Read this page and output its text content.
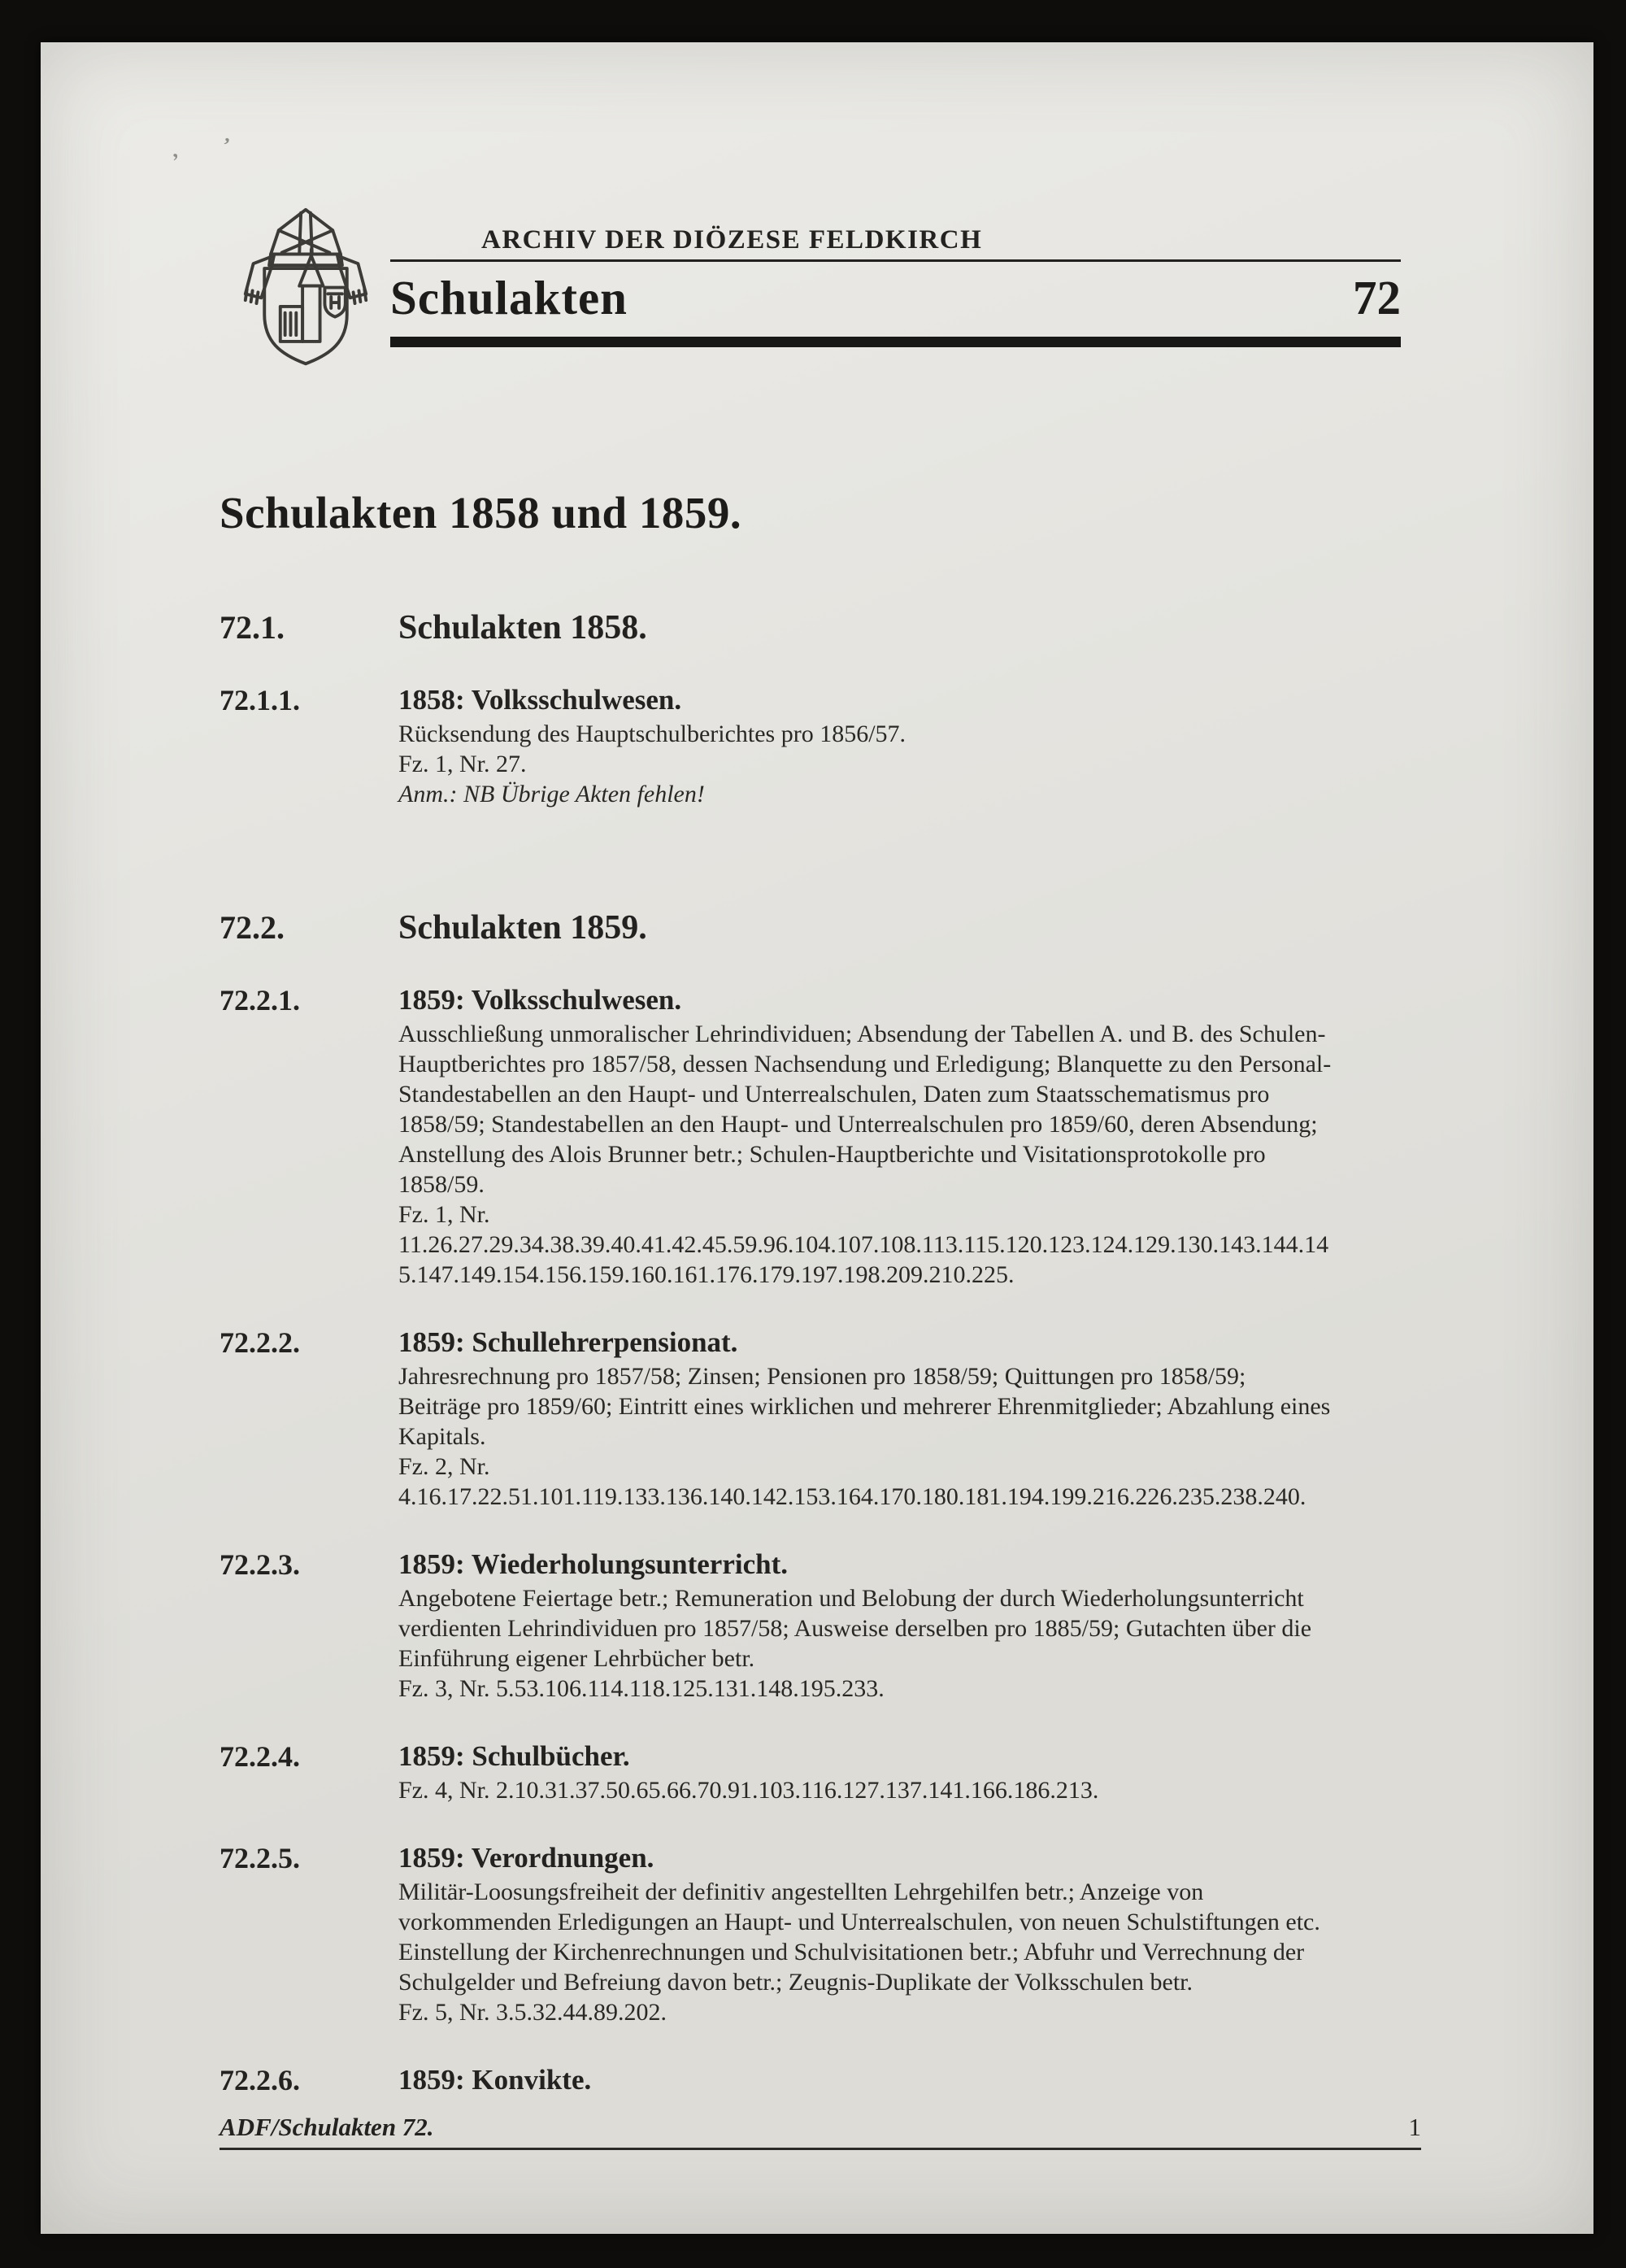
‚ ʼ
ARCHIV DER DIÖZESE FELDKIRCH
Schulakten	72
Schulakten 1858 und 1859.
72.1.	Schulakten 1858.
72.1.1.	1858: Volksschulwesen.
Rücksendung des Hauptschulberichtes pro 1856/57.
Fz. 1, Nr. 27.
Anm.: NB Übrige Akten fehlen!
72.2.	Schulakten 1859.
72.2.1.	1859: Volksschulwesen.
Ausschließung unmoralischer Lehrindividuen; Absendung der Tabellen A. und B. des Schulen-
Hauptberichtes pro 1857/58, dessen Nachsendung und Erledigung; Blanquette zu den Personal-
Standestabellen an den Haupt- und Unterrealschulen, Daten zum Staatsschematismus pro
1858/59; Standestabellen an den Haupt- und Unterrealschulen pro 1859/60, deren Absendung;
Anstellung des Alois Brunner betr.; Schulen-Hauptberichte und Visitationsprotokolle pro
1858/59.
Fz. 1, Nr.
11.26.27.29.34.38.39.40.41.42.45.59.96.104.107.108.113.115.120.123.124.129.130.143.144.14
5.147.149.154.156.159.160.161.176.179.197.198.209.210.225.
72.2.2.	1859: Schullehrerpensionat.
Jahresrechnung pro 1857/58; Zinsen; Pensionen pro 1858/59; Quittungen pro 1858/59;
Beiträge pro 1859/60; Eintritt eines wirklichen und mehrerer Ehrenmitglieder; Abzahlung eines
Kapitals.
Fz. 2, Nr.
4.16.17.22.51.101.119.133.136.140.142.153.164.170.180.181.194.199.216.226.235.238.240.
72.2.3.	1859: Wiederholungsunterricht.
Angebotene Feiertage betr.; Remuneration und Belobung der durch Wiederholungsunterricht
verdienten Lehrindividuen pro 1857/58; Ausweise derselben pro 1885/59; Gutachten über die
Einführung eigener Lehrbücher betr.
Fz. 3, Nr. 5.53.106.114.118.125.131.148.195.233.
72.2.4.	1859: Schulbücher.
Fz. 4, Nr. 2.10.31.37.50.65.66.70.91.103.116.127.137.141.166.186.213.
72.2.5.	1859: Verordnungen.
Militär-Loosungsfreiheit der definitiv angestellten Lehrgehilfen betr.; Anzeige von
vorkommenden Erledigungen an Haupt- und Unterrealschulen, von neuen Schulstiftungen etc.
Einstellung der Kirchenrechnungen und Schulvisitationen betr.; Abfuhr und Verrechnung der
Schulgelder und Befreiung davon betr.; Zeugnis-Duplikate der Volksschulen betr.
Fz. 5, Nr. 3.5.32.44.89.202.
72.2.6.	1859: Konvikte.
ADF/Schulakten 72.	1
